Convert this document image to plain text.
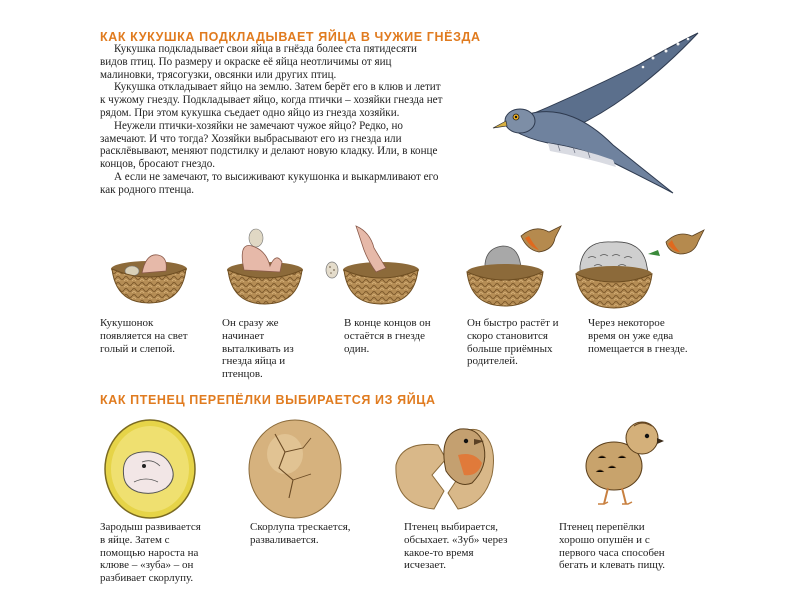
КАК КУКУШКА ПОДКЛАДЫВАЕТ ЯЙЦА В ЧУЖИЕ ГНЁЗДА

Кукушка подкладывает свои яйца в гнёзда более ста пятидесяти видов птиц. По размеру и окраске её яйца неотличимы от яиц малиновки, трясогузки, овсянки или других птиц.

Кукушка откладывает яйцо на землю. Затем берёт его в клюв и летит к чужому гнезду. Подкладывает яйцо, когда птички – хозяйки гнезда нет рядом. При этом кукушка съедает одно яйцо из гнезда хозяйки.

Неужели птички-хозяйки не замечают чужое яйцо? Редко, но замечают. И что тогда? Хозяйки выбрасывают его из гнезда или расклёвывают, меняют подстилку и делают новую кладку. Или, в конце концов, бросают гнездо.

А если не замечают, то высиживают кукушонка и выкармливают его как родного птенца.

Кукушонок появляется на свет голый и слепой.
Он сразу же начинает выталкивать из гнезда яйца и птенцов.
В конце концов он остаётся в гнезде один.
Он быстро растёт и скоро становится больше приёмных родителей.
Через некоторое время он уже едва помещается в гнезде.
КАК ПТЕНЕЦ ПЕРЕПЁЛКИ ВЫБИРАЕТСЯ ИЗ ЯЙЦА
Зародыш развивается в яйце. Затем с помощью нароста на клюве – «зуба» – он разбивает скорлупу.
Скорлупа трескается, разваливается.
Птенец выбирается, обсыхает. «Зуб» через какое-то время исчезает.
Птенец перепёлки хорошо опушён и с первого часа способен бегать и клевать пищу.
